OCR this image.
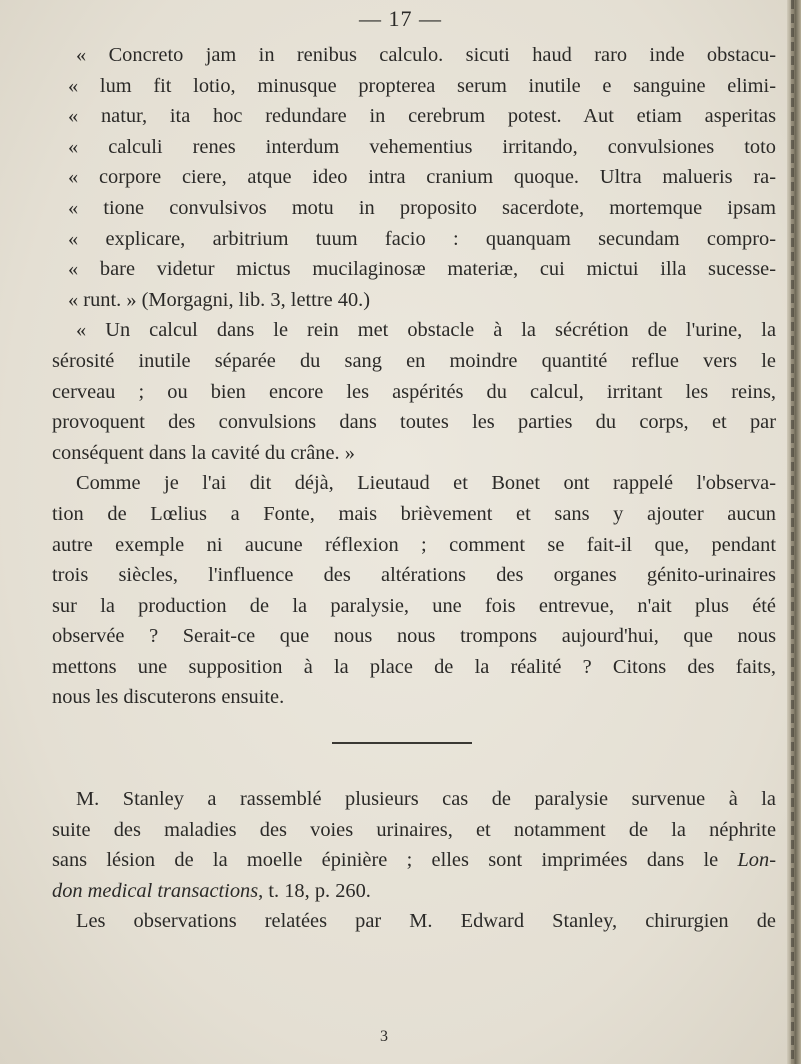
— 17 —
« Concreto jam in renibus calculo. sicuti haud raro inde obstacu-
« lum fit lotio, minusque propterea serum inutile e sanguine elimi-
« natur, ita hoc redundare in cerebrum potest. Aut etiam asperitas
« calculi renes interdum vehementius irritando, convulsiones toto
« corpore ciere, atque ideo intra cranium quoque. Ultra malueris ra-
« tione convulsivos motu in proposito sacerdote, mortemque ipsam
« explicare, arbitrium tuum facio : quanquam secundam compro-
« bare videtur mictus mucilaginosæ materiæ, cui mictui illa sucesse-
« runt. » (Morgagni, lib. 3, lettre 40.)
« Un calcul dans le rein met obstacle à la sécrétion de l'urine, la
sérosité inutile séparée du sang en moindre quantité reflue vers le
cerveau ; ou bien encore les aspérités du calcul, irritant les reins,
provoquent des convulsions dans toutes les parties du corps, et par
conséquent dans la cavité du crâne. »
Comme je l'ai dit déjà, Lieutaud et Bonet ont rappelé l'observa-
tion de Lœlius a Fonte, mais brièvement et sans y ajouter aucun
autre exemple ni aucune réflexion ; comment se fait-il que, pendant
trois siècles, l'influence des altérations des organes génito-urinaires
sur la production de la paralysie, une fois entrevue, n'ait plus été
observée ? Serait-ce que nous nous trompons aujourd'hui, que nous
mettons une supposition à la place de la réalité ? Citons des faits,
nous les discuterons ensuite.
M. Stanley a rassemblé plusieurs cas de paralysie survenue à la
suite des maladies des voies urinaires, et notamment de la néphrite
sans lésion de la moelle épinière ; elles sont imprimées dans le Lon-
don medical transactions, t. 18, p. 260.
Les observations relatées par M. Edward Stanley, chirurgien de
3
